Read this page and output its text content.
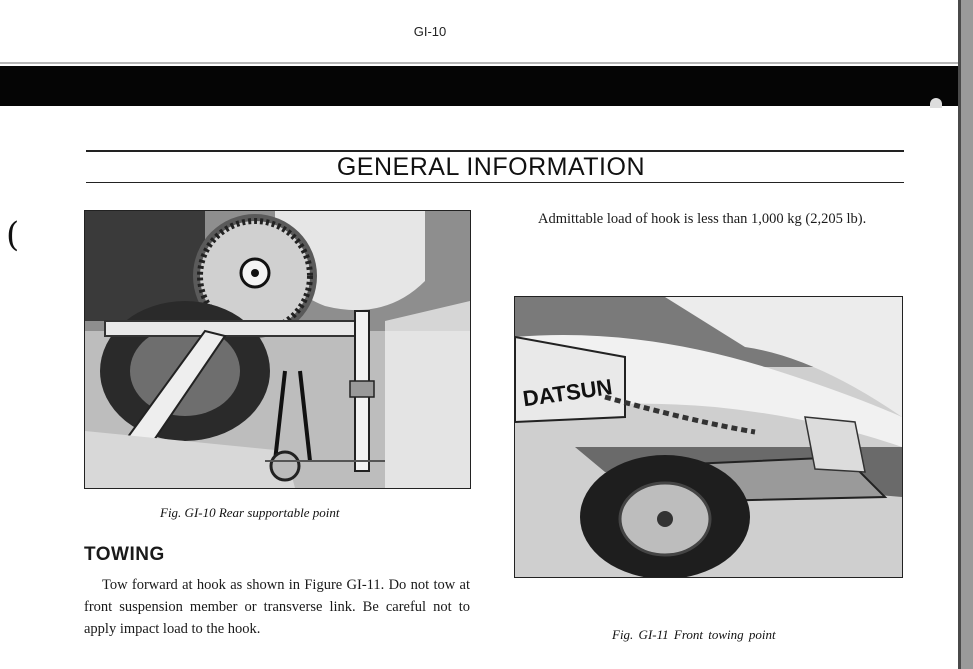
GI-10
GENERAL INFORMATION
(
Fig. GI-10 Rear supportable point
DATSUN
Fig. GI-11 Front towing point
TOWING
Tow forward at hook as shown in Figure GI-11. Do not tow at front suspension member or transverse link. Be careful not to apply impact load to the hook.
Admittable load of hook is less than 1,000 kg (2,205 lb).
